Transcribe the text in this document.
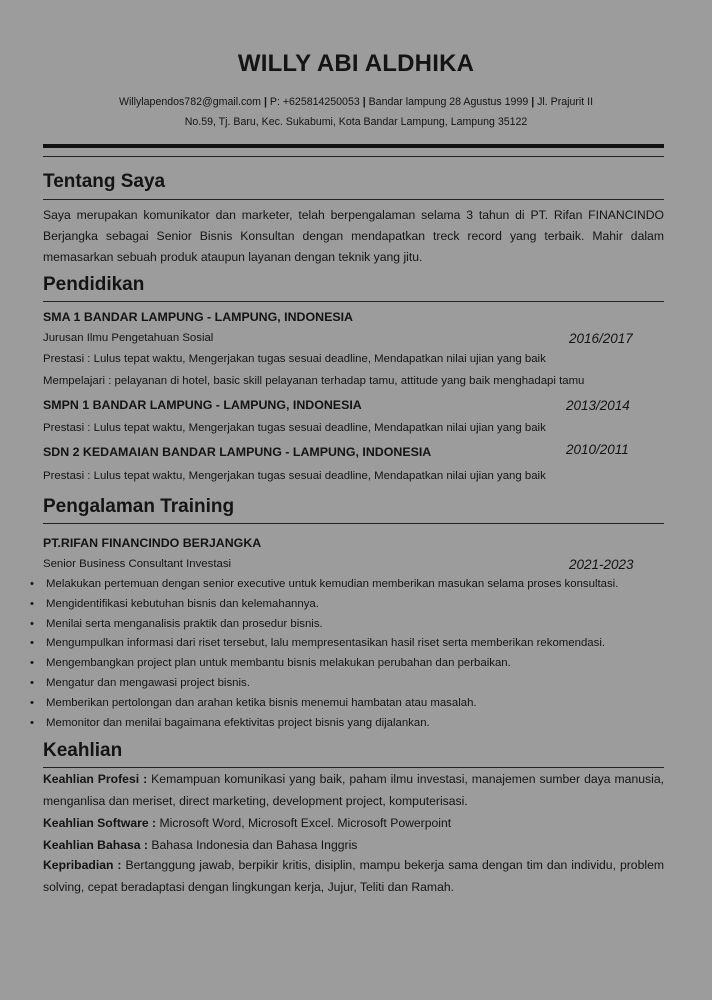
WILLY ABI ALDHIKA
Willylapendos782@gmail.com | P: +625814250053 | Bandar lampung 28 Agustus 1999 | Jl. Prajurit II
No.59, Tj. Baru, Kec. Sukabumi, Kota Bandar Lampung, Lampung 35122
Tentang Saya
Saya merupakan komunikator dan marketer, telah berpengalaman selama 3 tahun di PT. Rifan FINANCINDO Berjangka sebagai Senior Bisnis Konsultan dengan mendapatkan treck record yang terbaik. Mahir dalam memasarkan sebuah produk ataupun layanan dengan teknik yang jitu.
Pendidikan
SMA 1 BANDAR LAMPUNG - LAMPUNG, INDONESIA
Jurusan Ilmu Pengetahuan Sosial	2016/2017
Prestasi : Lulus tepat waktu, Mengerjakan tugas sesuai deadline, Mendapatkan nilai ujian yang baik
Mempelajari : pelayanan di hotel, basic skill pelayanan terhadap tamu, attitude yang baik menghadapi tamu
SMPN 1 BANDAR LAMPUNG - LAMPUNG, INDONESIA	2013/2014
Prestasi : Lulus tepat waktu, Mengerjakan tugas sesuai deadline, Mendapatkan nilai ujian yang baik
SDN 2 KEDAMAIAN BANDAR LAMPUNG - LAMPUNG, INDONESIA	2010/2011
Prestasi : Lulus tepat waktu, Mengerjakan tugas sesuai deadline, Mendapatkan nilai ujian yang baik
Pengalaman Training
PT.RIFAN FINANCINDO BERJANGKA
Senior Business Consultant Investasi	2021-2023
• Melakukan pertemuan dengan senior executive untuk kemudian memberikan masukan selama proses konsultasi.
• Mengidentifikasi kebutuhan bisnis dan kelemahannya.
• Menilai serta menganalisis praktik dan prosedur bisnis.
• Mengumpulkan informasi dari riset tersebut, lalu mempresentasikan hasil riset serta memberikan rekomendasi.
• Mengembangkan project plan untuk membantu bisnis melakukan perubahan dan perbaikan.
• Mengatur dan mengawasi project bisnis.
• Memberikan pertolongan dan arahan ketika bisnis menemui hambatan atau masalah.
• Memonitor dan menilai bagaimana efektivitas project bisnis yang dijalankan.
Keahlian
Keahlian Profesi : Kemampuan komunikasi yang baik, paham ilmu investasi, manajemen sumber daya manusia, menganlisa dan meriset, direct marketing, development project, komputerisasi.
Keahlian Software : Microsoft Word, Microsoft Excel. Microsoft Powerpoint
Keahlian Bahasa : Bahasa Indonesia dan Bahasa Inggris
Kepribadian : Bertanggung jawab, berpikir kritis, disiplin, mampu bekerja sama dengan tim dan individu, problem solving, cepat beradaptasi dengan lingkungan kerja, Jujur, Teliti dan Ramah.
